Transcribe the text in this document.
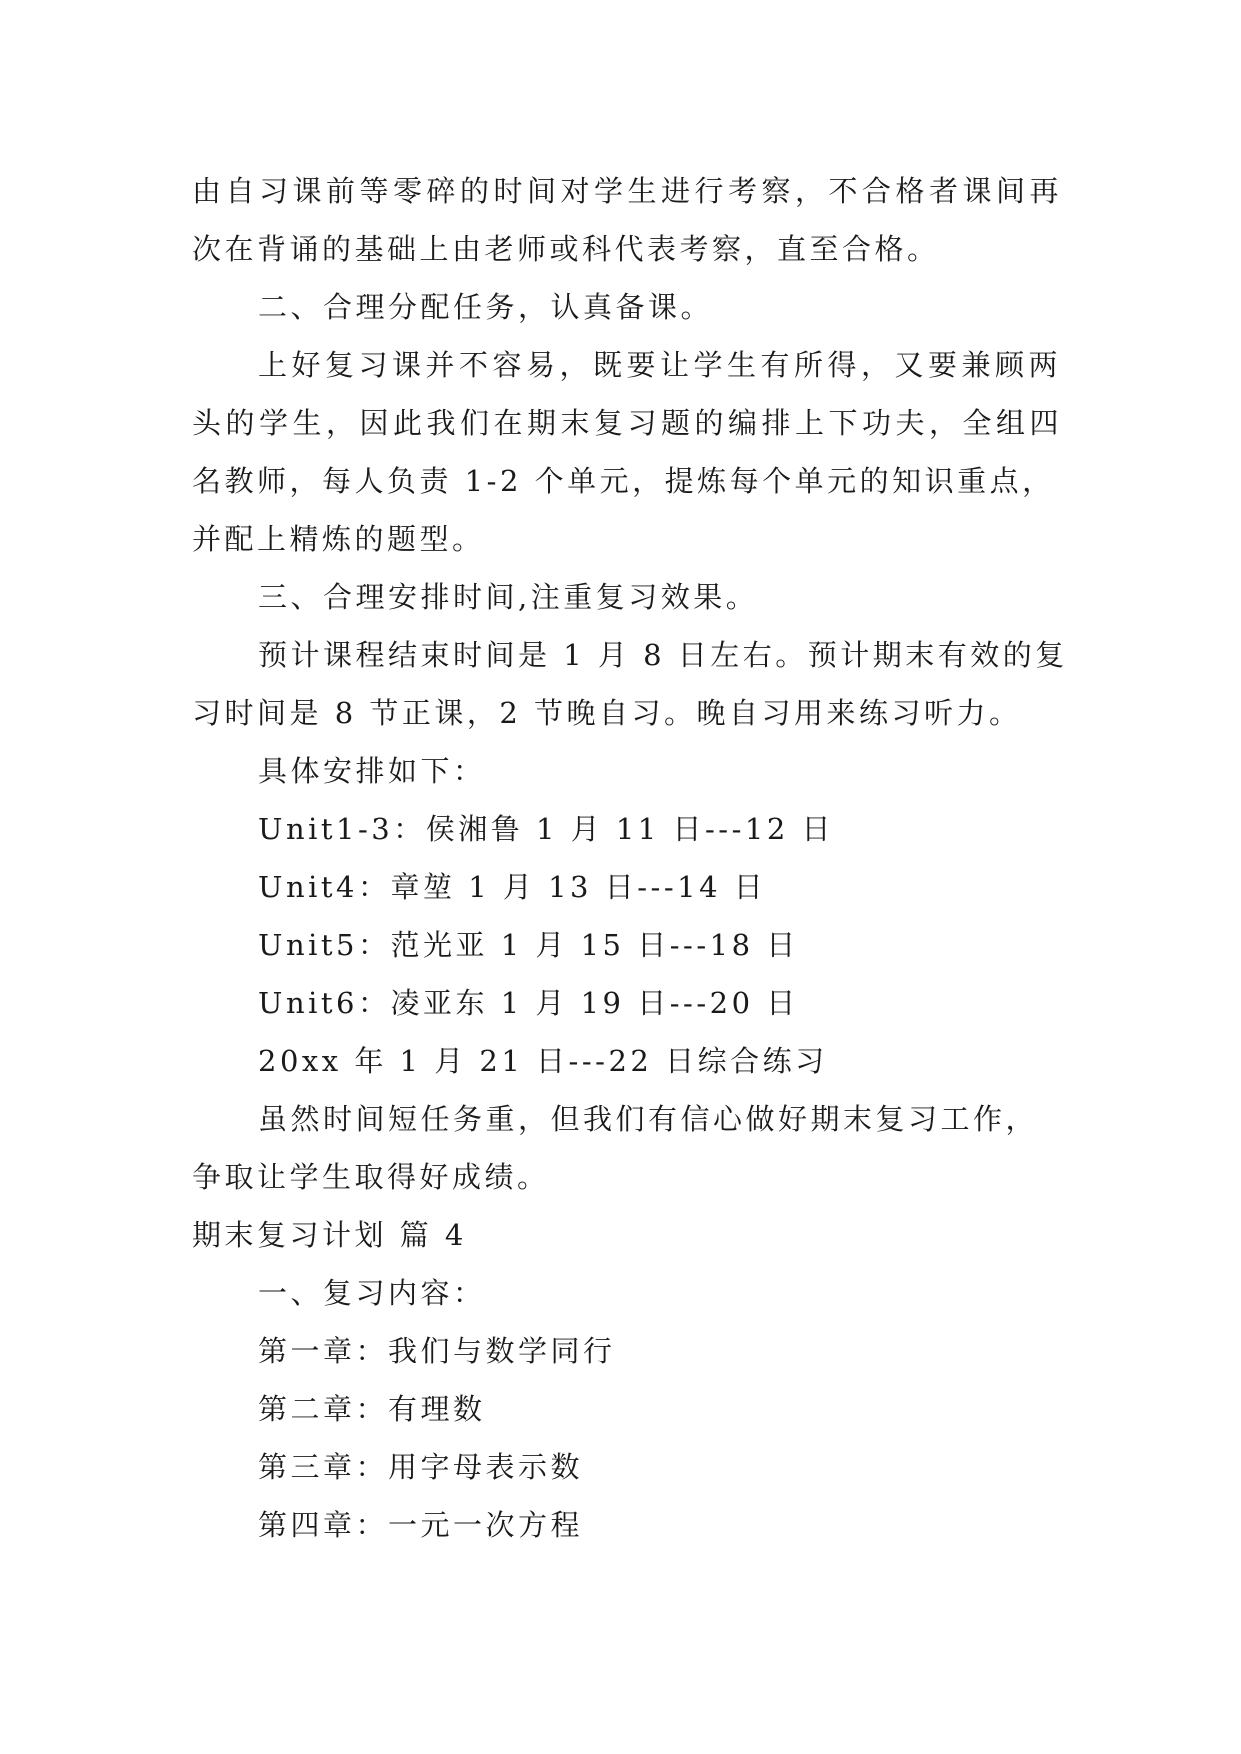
由自习课前等零碎的时间对学生进行考察，不合格者课间再
次在背诵的基础上由老师或科代表考察，直至合格。
二、合理分配任务，认真备课。
上好复习课并不容易，既要让学生有所得，又要兼顾两
头的学生，因此我们在期末复习题的编排上下功夫，全组四
名教师，每人负责 1-2 个单元，提炼每个单元的知识重点，
并配上精炼的题型。
三、合理安排时间,注重复习效果。
预计课程结束时间是 1 月 8 日左右。预计期末有效的复
习时间是 8 节正课，2 节晚自习。晚自习用来练习听力。
具体安排如下：
Unit1-3：侯湘鲁 1 月 11 日---12 日
Unit4：章堃 1 月 13 日---14 日
Unit5：范光亚 1 月 15 日---18 日
Unit6：凌亚东 1 月 19 日---20 日
20xx 年 1 月 21 日---22 日综合练习
虽然时间短任务重，但我们有信心做好期末复习工作，
争取让学生取得好成绩。
期末复习计划 篇 4
一、复习内容：
第一章：我们与数学同行
第二章：有理数
第三章：用字母表示数
第四章：一元一次方程
